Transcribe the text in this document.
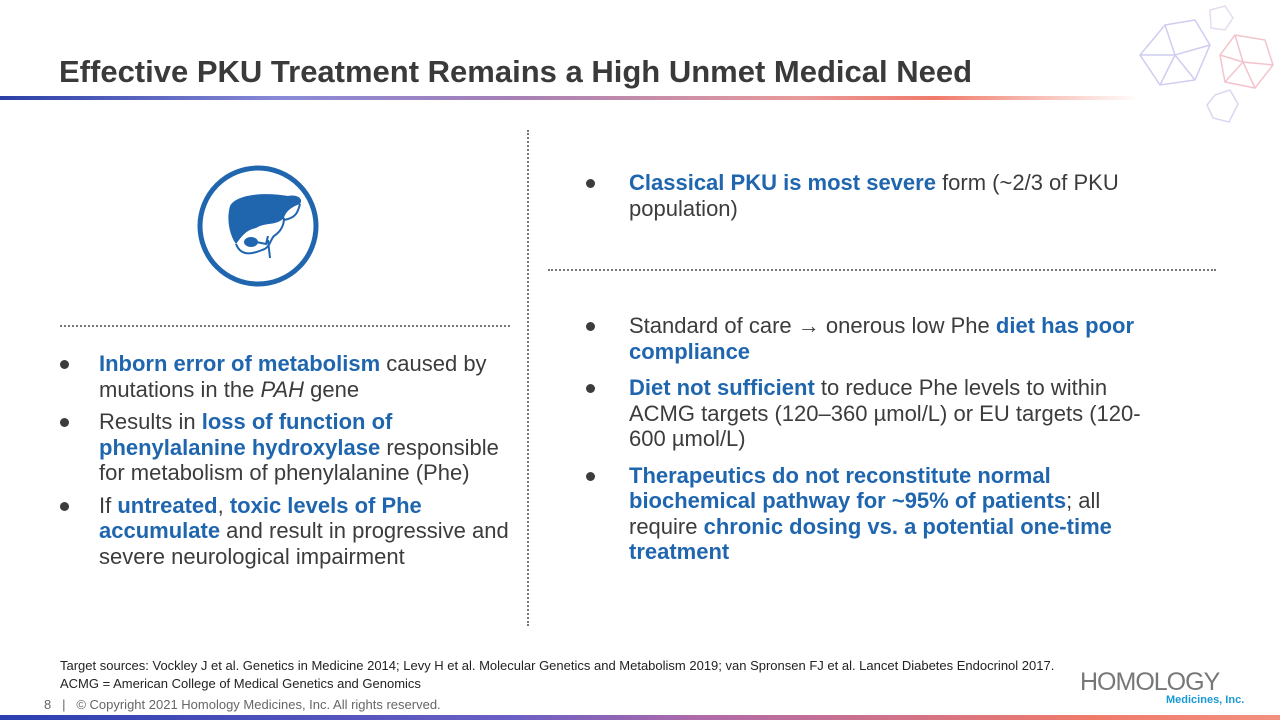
Effective PKU Treatment Remains a High Unmet Medical Need
Inborn error of metabolism caused by mutations in the PAH gene
Results in loss of function of phenylalanine hydroxylase responsible for metabolism of phenylalanine (Phe)
If untreated, toxic levels of Phe accumulate and result in progressive and severe neurological impairment
Classical PKU is most severe form (~2/3 of PKU population)
Standard of care → onerous low Phe diet has poor compliance
Diet not sufficient to reduce Phe levels to within ACMG targets (120–360 µmol/L) or EU targets (120-600 µmol/L)
Therapeutics do not reconstitute normal biochemical pathway for ~95% of patients; all require chronic dosing vs. a potential one-time treatment
Target sources: Vockley J et al. Genetics in Medicine 2014; Levy H et al. Molecular Genetics and Metabolism 2019; van Spronsen FJ et al. Lancet Diabetes Endocrinol 2017.
ACMG = American College of Medical Genetics and Genomics
8 | © Copyright 2021 Homology Medicines, Inc. All rights reserved.
HOMOLOGY
Medicines, Inc.
